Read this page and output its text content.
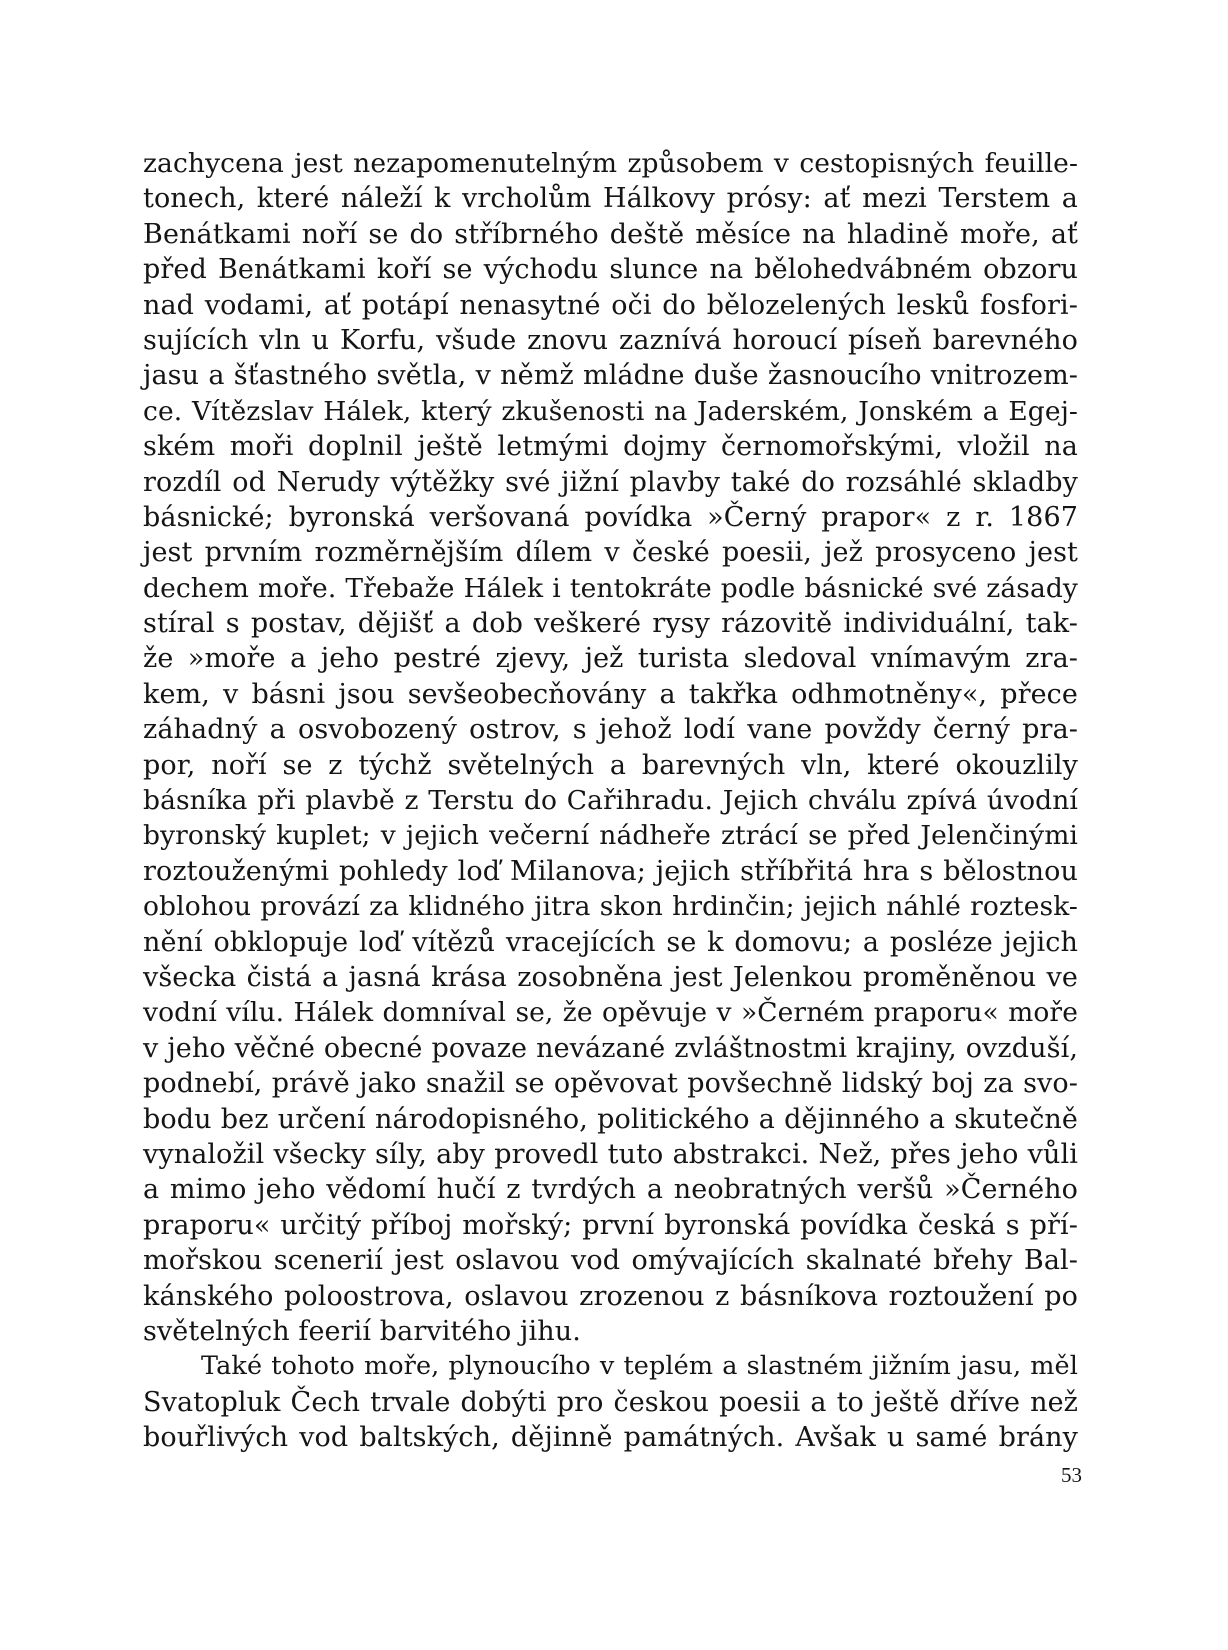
zachycena jest nezapomenutelným způsobem v cestopisných feuille-
tonech, které náleží k vrcholům Hálkovy prósy: ať mezi Terstem a
Benátkami noří se do stříbrného deště měsíce na hladině moře, ať
před Benátkami koří se východu slunce na bělohedvábném obzoru
nad vodami, ať potápí nenasytné oči do bělozelených lesků fosfori-
sujících vln u Korfu, všude znovu zaznívá horoucí píseň barevného
jasu a šťastného světla, v němž mládne duše žasnoucího vnitrozem-
ce. Vítězslav Hálek, který zkušenosti na Jaderském, Jonském a Egej-
ském moři doplnil ještě letmými dojmy černomořskými, vložil na
rozdíl od Nerudy výtěžky své jižní plavby také do rozsáhlé skladby
básnické; byronská veršovaná povídka »Černý prapor« z r. 1867
jest prvním rozměrnějším dílem v české poesii, jež prosyceno jest
dechem moře. Třebaže Hálek i tentokráte podle básnické své zásady
stíral s postav, dějišť a dob veškeré rysy rázovitě individuální, tak-
že »moře a jeho pestré zjevy, jež turista sledoval vnímavým zra-
kem, v básni jsou sevšeobecňovány a takřka odhmotněny«, přece
záhadný a osvobozený ostrov, s jehož lodí vane povždy černý pra-
por, noří se z týchž světelných a barevných vln, které okouzlily
básníka při plavbě z Terstu do Cařihradu. Jejich chválu zpívá úvodní
byronský kuplet; v jejich večerní nádheře ztrácí se před Jelenčinými
roztouženými pohledy loď Milanova; jejich stříbřitá hra s bělostnou
oblohou provází za klidného jitra skon hrdinčin; jejich náhlé roztesk-
nění obklopuje loď vítězů vracejících se k domovu; a posléze jejich
všecka čistá a jasná krása zosobněna jest Jelenkou proměněnou ve
vodní vílu. Hálek domníval se, že opěvuje v »Černém praporu« moře
v jeho věčné obecné povaze nevázané zvláštnostmi krajiny, ovzduší,
podnebí, právě jako snažil se opěvovat povšechně lidský boj za svo-
bodu bez určení národopisného, politického a dějinného a skutečně
vynaložil všecky síly, aby provedl tuto abstrakci. Než, přes jeho vůli
a mimo jeho vědomí hučí z tvrdých a neobratných veršů »Černého
praporu« určitý příboj mořský; první byronská povídka česká s pří-
mořskou scenerií jest oslavou vod omývajících skalnaté břehy Bal-
kánského poloostrova, oslavou zrozenou z básníkova roztoužení po
světelných feerií barvitého jihu.
Také tohoto moře, plynoucího v teplém a slastném jižním jasu, měl
Svatopluk Čech trvale dobýti pro českou poesii a to ještě dříve než
bouřlivých vod baltských, dějinně památných. Avšak u samé brány
53
